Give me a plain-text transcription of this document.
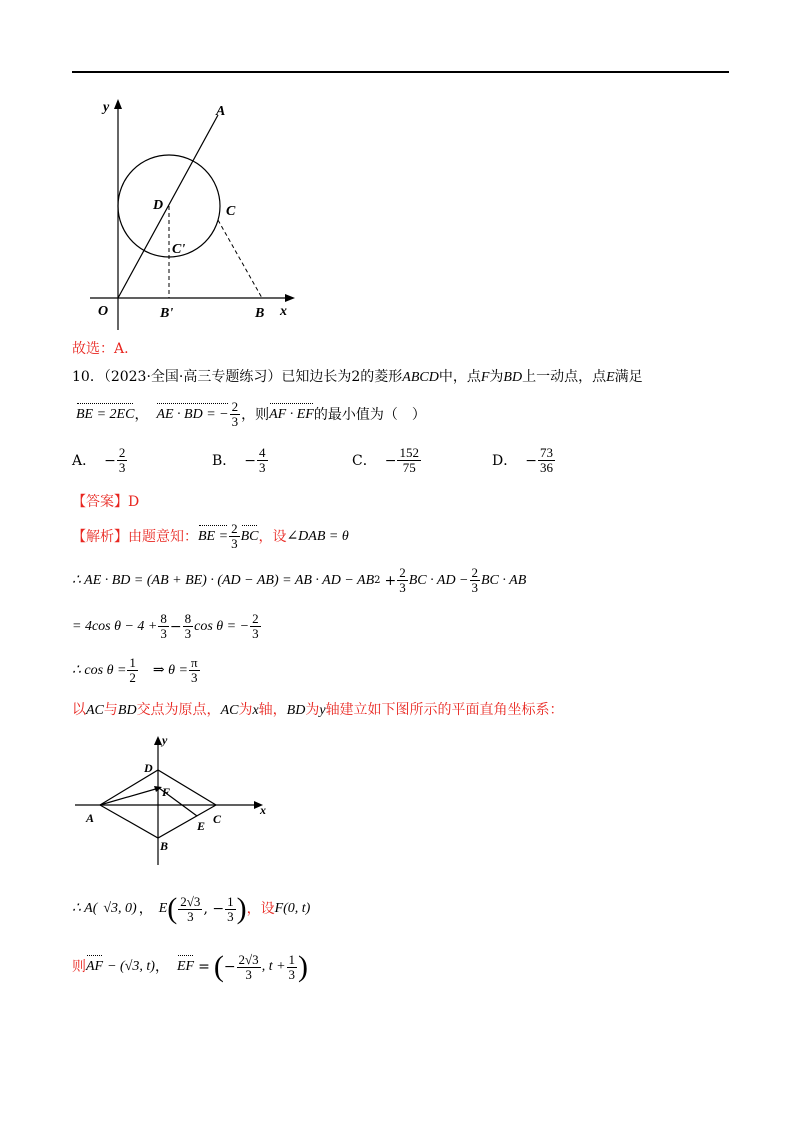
y	A
D	C
C'
O	B'	B x
故选：A.
10．（2023·全国·高三专题练习）已知边长为2的菱形ABCD中，点F为BD上一动点，点E满足
BE = 2EC ， AE · BD = − $\frac{2}{3}$ ，则 AF · EF 的最小值为（　）
A． − $\frac{2}{3}$	B． − $\frac{4}{3}$	C． − $\frac{152}{75}$	D． − $\frac{73}{36}$
【答案】D
【解析】 由题意知： BE = $\frac{2}{3}$ BC ，设 ∠DAB = θ
∴ AE · BD = (AB + BE) · (AD − AB) = AB · AD − AB $2 + \frac{2}{3}$ BC · AD − $\frac{2}{3}$ BC · AB
= 4cos $\theta - 4 + \frac{8}{3} - \frac{8}{3}$ cos θ = − $\frac{2}{3}$
∴ $\cos \theta = \frac{1}{2}$ ⇒ $\theta = \frac{\pi}{3}$
以AC与BD交点为原点，AC为x轴，BD为y轴建立如下图所示的平面直角坐标系：
y
D
F
A
E C
x
B
∴ A( √3, 0) ， E ( $\frac{2√3}{3}$ , − $\frac{1}{3}$ ) ，设 F(0, t)
则 AF − (√3, t) ， EF = ( − $\frac{2√3}{3}$ , $t + \frac{1}{3}$ )
